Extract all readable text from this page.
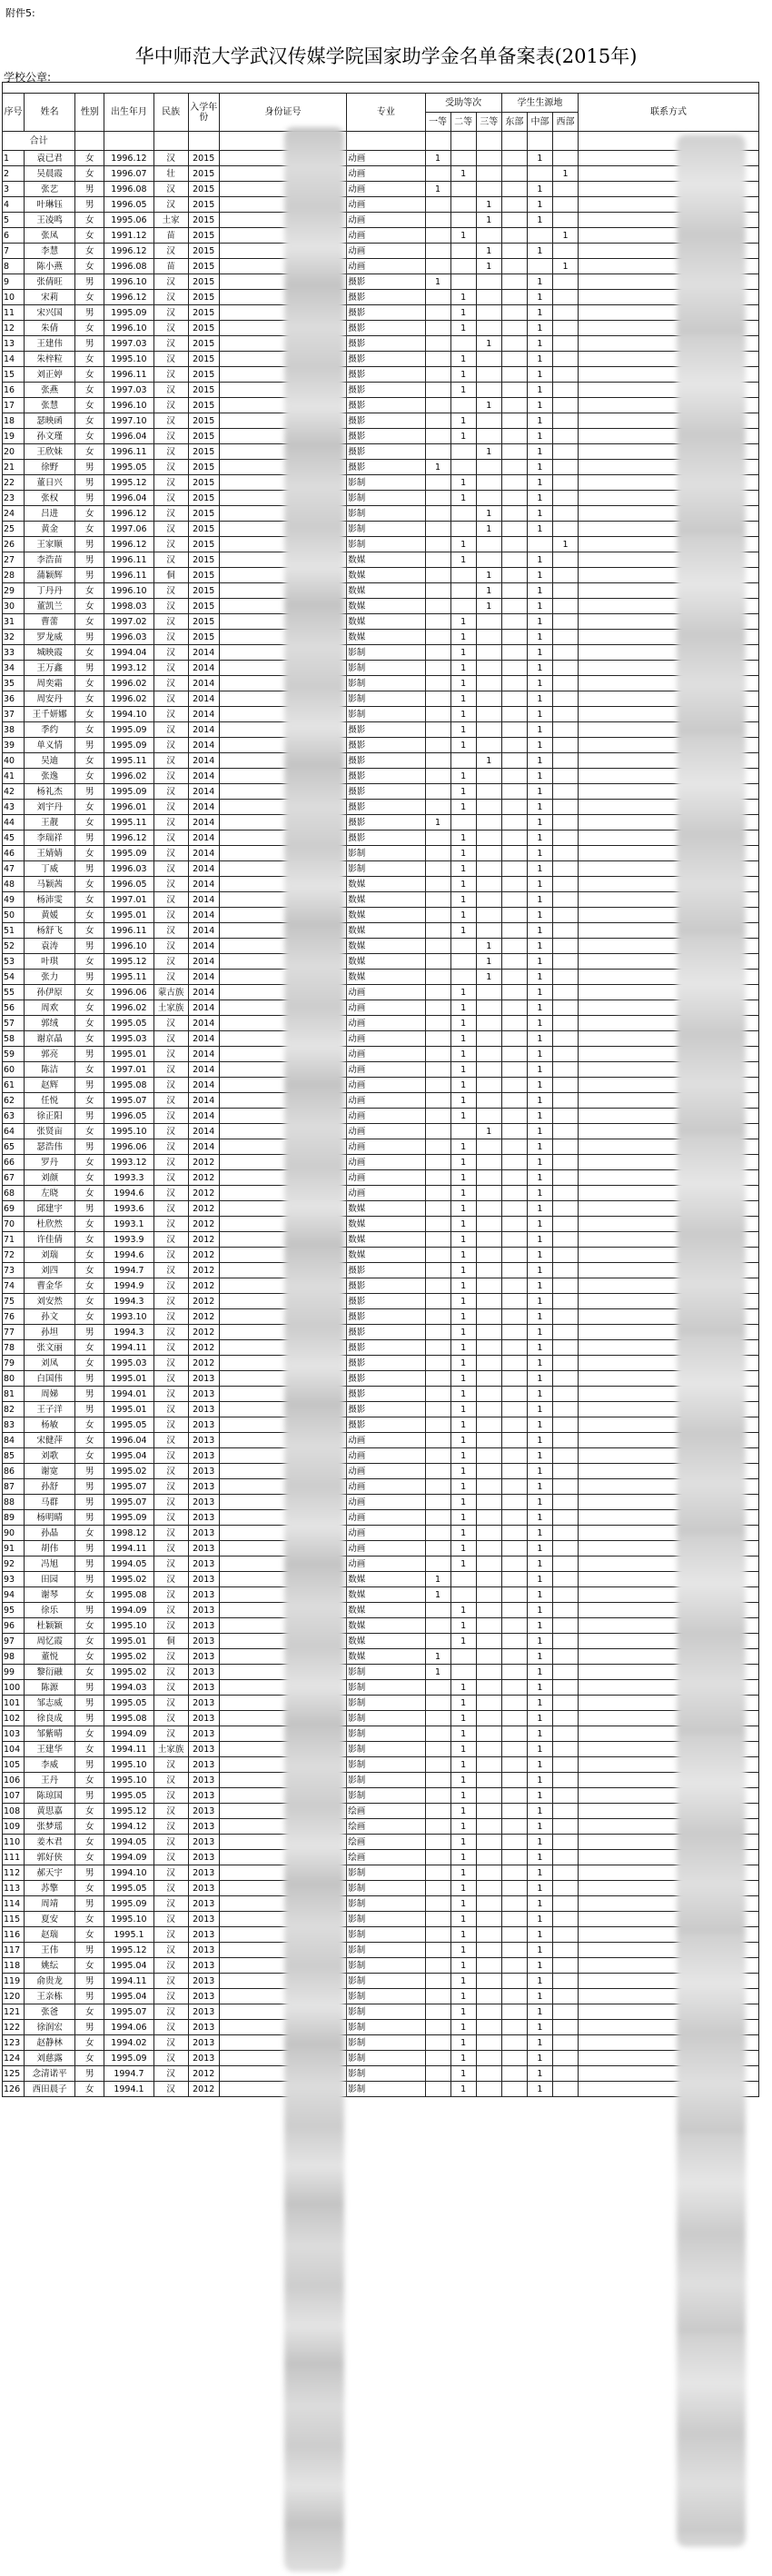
附件5:
华中师范大学武汉传媒学院国家助学金名单备案表(2015年)
学校公章:

序号	姓名	性别	出生年月	民族	入学年份	身份证号	专业	受助等次			学生生源地			联系方式
								一等	二等	三等	东部	中部	西部	
合计														
1	袁已君	女	1996.12	汉	2015		动画	1				1		
2	吴晨霞	女	1996.07	壮	2015		动画		1				1	
3	张艺	男	1996.08	汉	2015		动画	1				1		
4	叶琳钰	男	1996.05	汉	2015		动画			1		1		
5	王凌鸣	女	1995.06	土家	2015		动画			1		1		
6	张凤	女	1991.12	苗	2015		动画		1				1	
7	李慧	女	1996.12	汉	2015		动画			1		1		
8	陈小燕	女	1996.08	苗	2015		动画			1			1	
9	张倩旺	男	1996.10	汉	2015		摄影	1				1		
10	宋莉	女	1996.12	汉	2015		摄影		1			1		
11	宋兴国	男	1995.09	汉	2015		摄影		1			1		
12	朱倩	女	1996.10	汉	2015		摄影		1			1		
13	王建伟	男	1997.03	汉	2015		摄影			1		1		
14	朱梓粒	女	1995.10	汉	2015		摄影		1			1		
15	刘正婷	女	1996.11	汉	2015		摄影		1			1		
16	张燕	女	1997.03	汉	2015		摄影		1			1		
17	张慧	女	1996.10	汉	2015		摄影			1		1		
18	瑟映函	女	1997.10	汉	2015		摄影		1			1		
19	孙文瑾	女	1996.04	汉	2015		摄影		1			1		
20	王欣妹	女	1996.11	汉	2015		摄影			1		1		
21	徐野	男	1995.05	汉	2015		摄影	1				1		
22	董日兴	男	1995.12	汉	2015		影制		1			1		
23	张权	男	1996.04	汉	2015		影制		1			1		
24	吕进	女	1996.12	汉	2015		影制			1		1		
25	黄金	女	1997.06	汉	2015		影制			1		1		
26	王家顺	男	1996.12	汉	2015		影制		1				1	
27	李浩苗	男	1996.11	汉	2015		数媒		1			1		
28	蒲颖辉	男	1996.11	侗	2015		数媒			1		1		
29	丁丹丹	女	1996.10	汉	2015		数媒			1		1		
30	董凯兰	女	1998.03	汉	2015		数媒			1		1		
31	曹蕾	女	1997.02	汉	2015		数媒		1			1		
32	罗龙威	男	1996.03	汉	2015		数媒		1			1		
33	城映霞	女	1994.04	汉	2014		影制		1			1		
34	王万鑫	男	1993.12	汉	2014		影制		1			1		
35	周奕霜	女	1996.02	汉	2014		影制		1			1		
36	周安丹	女	1996.02	汉	2014		影制		1			1		
37	王千妍娜	女	1994.10	汉	2014		影制		1			1		
38	季约	女	1995.09	汉	2014		摄影		1			1		
39	单义情	男	1995.09	汉	2014		摄影		1			1		
40	吴迪	女	1995.11	汉	2014		摄影			1		1		
41	张逸	女	1996.02	汉	2014		摄影		1			1		
42	杨礼杰	男	1995.09	汉	2014		摄影		1			1		
43	刘宇丹	女	1996.01	汉	2014		摄影		1			1		
44	王靓	女	1995.11	汉	2014		摄影	1				1		
45	李瑞祥	男	1996.12	汉	2014		摄影		1			1		
46	王婧婧	女	1995.09	汉	2014		影制		1			1		
47	丁威	男	1996.03	汉	2014		影制		1			1		
48	马颖茜	女	1996.05	汉	2014		数媒		1			1		
49	杨沛雯	女	1997.01	汉	2014		数媒		1			1		
50	黄媛	女	1995.01	汉	2014		数媒		1			1		
51	杨舒飞	女	1996.11	汉	2014		数媒		1			1		
52	袁涛	男	1996.10	汉	2014		数媒			1		1		
53	叶琪	女	1995.12	汉	2014		数媒			1		1		
54	张力	男	1995.11	汉	2014		数媒			1		1		
55	孙伊原	女	1996.06	蒙古族	2014		动画		1			1		
56	周欢	女	1996.02	土家族	2014		动画		1			1		
57	郭绒	女	1995.05	汉	2014		动画		1			1		
58	谢京晶	女	1995.03	汉	2014		动画		1			1		
59	郭亮	男	1995.01	汉	2014		动画		1			1		
60	陈洁	女	1997.01	汉	2014		动画		1			1		
61	赵辉	男	1995.08	汉	2014		动画		1			1		
62	任悦	女	1995.07	汉	2014		动画		1			1		
63	徐正阳	男	1996.05	汉	2014		动画		1			1		
64	张贤亩	女	1995.10	汉	2014		动画			1		1		
65	瑟浩伟	男	1996.06	汉	2014		动画		1			1		
66	罗丹	女	1993.12	汉	2012		动画		1			1		
67	刘颜	女	1993.3	汉	2012		动画		1			1		
68	左晓	女	1994.6	汉	2012		动画		1			1		
69	邱建宇	男	1993.6	汉	2012		数媒		1			1		
70	杜欣然	女	1993.1	汉	2012		数媒		1			1		
71	许佳倩	女	1993.9	汉	2012		数媒		1			1		
72	刘瑞	女	1994.6	汉	2012		数媒		1			1		
73	刘四	女	1994.7	汉	2012		摄影		1			1		
74	曹金华	女	1994.9	汉	2012		摄影		1			1		
75	刘安然	女	1994.3	汉	2012		摄影		1			1		
76	孙文	女	1993.10	汉	2012		摄影		1			1		
77	孙坦	男	1994.3	汉	2012		摄影		1			1		
78	张文丽	女	1994.11	汉	2012		摄影		1			1		
79	刘凤	女	1995.03	汉	2012		摄影		1			1		
80	白国伟	男	1995.01	汉	2013		摄影		1			1		
81	周娣	男	1994.01	汉	2013		摄影		1			1		
82	王子洋	男	1995.01	汉	2013		摄影		1			1		
83	杨敏	女	1995.05	汉	2013		摄影		1			1		
84	宋健萍	女	1996.04	汉	2013		动画		1			1		
85	刘歌	女	1995.04	汉	2013		动画		1			1		
86	谢宽	男	1995.02	汉	2013		动画		1			1		
87	孙舒	男	1995.07	汉	2013		动画		1			1		
88	马群	男	1995.07	汉	2013		动画		1			1		
89	杨明晴	男	1995.09	汉	2013		动画		1			1		
90	孙晶	女	1998.12	汉	2013		动画		1			1		
91	胡伟	男	1994.11	汉	2013		动画		1			1		
92	冯旭	男	1994.05	汉	2013		动画		1			1		
93	田园	男	1995.02	汉	2013		数媒	1				1		
94	谢琴	女	1995.08	汉	2013		数媒	1				1		
95	徐乐	男	1994.09	汉	2013		数媒		1			1		
96	杜颖颖	女	1995.10	汉	2013		数媒		1			1		
97	周忆霞	女	1995.01	侗	2013		数媒		1			1		
98	董悦	女	1995.02	汉	2013		数媒	1				1		
99	黎衍融	女	1995.02	汉	2013		影制	1				1		
100	陈源	男	1994.03	汉	2013		影制		1			1		
101	邹志威	男	1995.05	汉	2013		影制		1			1		
102	徐良成	男	1995.08	汉	2013		影制		1			1		
103	邹紫晴	女	1994.09	汉	2013		影制		1			1		
104	王建华	女	1994.11	土家族	2013		影制		1			1		
105	李威	男	1995.10	汉	2013		影制		1			1		
106	王丹	女	1995.10	汉	2013		影制		1			1		
107	陈琼国	男	1995.05	汉	2013		影制		1			1		
108	黄思嘉	女	1995.12	汉	2013		绘画		1			1		
109	张梦瑶	女	1994.12	汉	2013		绘画		1			1		
110	姜木君	女	1994.05	汉	2013		绘画		1			1		
111	郭好侠	女	1994.09	汉	2013		绘画		1			1		
112	郝天宇	男	1994.10	汉	2013		影制		1			1		
113	苏擎	女	1995.05	汉	2013		影制		1			1		
114	周靖	男	1995.09	汉	2013		影制		1			1		
115	夏安	女	1995.10	汉	2013		影制		1			1		
116	赵瑞	女	1995.1	汉	2013		影制		1			1		
117	王伟	男	1995.12	汉	2013		影制		1			1		
118	姚纭	女	1995.04	汉	2013		影制		1			1		
119	俞贵龙	男	1994.11	汉	2013		影制		1			1		
120	王亲栋	男	1995.04	汉	2013		影制		1			1		
121	张爸	女	1995.07	汉	2013		影制		1			1		
122	徐润宏	男	1994.06	汉	2013		影制		1			1		
123	赵静林	女	1994.02	汉	2013		影制		1			1		
124	刘慈露	女	1995.09	汉	2013		影制		1			1		
125	念清诺平	男	1994.7	汉	2012		影制		1			1		
126	西田晨子	女	1994.1	汉	2012		影制		1			1		
